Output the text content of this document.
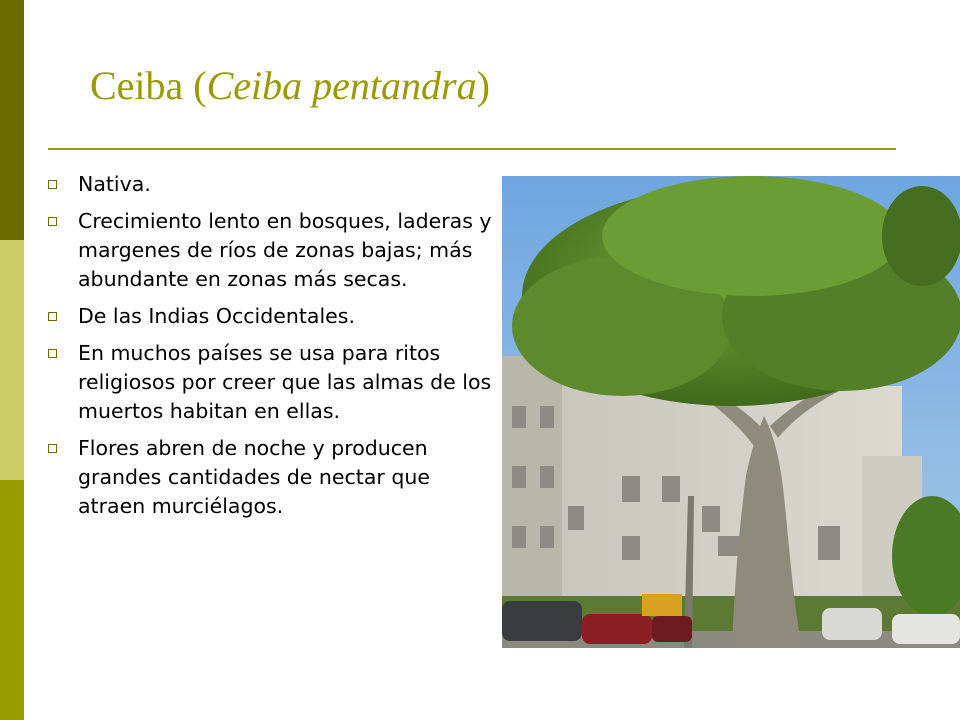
Ceiba (Ceiba pentandra)
Nativa.
Crecimiento lento en bosques, laderas y margenes de ríos de zonas bajas; más abundante en zonas más secas.
De las Indias Occidentales.
En muchos países se usa para ritos religiosos por creer que las almas de los muertos habitan en ellas.
Flores abren de noche y producen grandes cantidades de nectar que atraen murciélagos.
